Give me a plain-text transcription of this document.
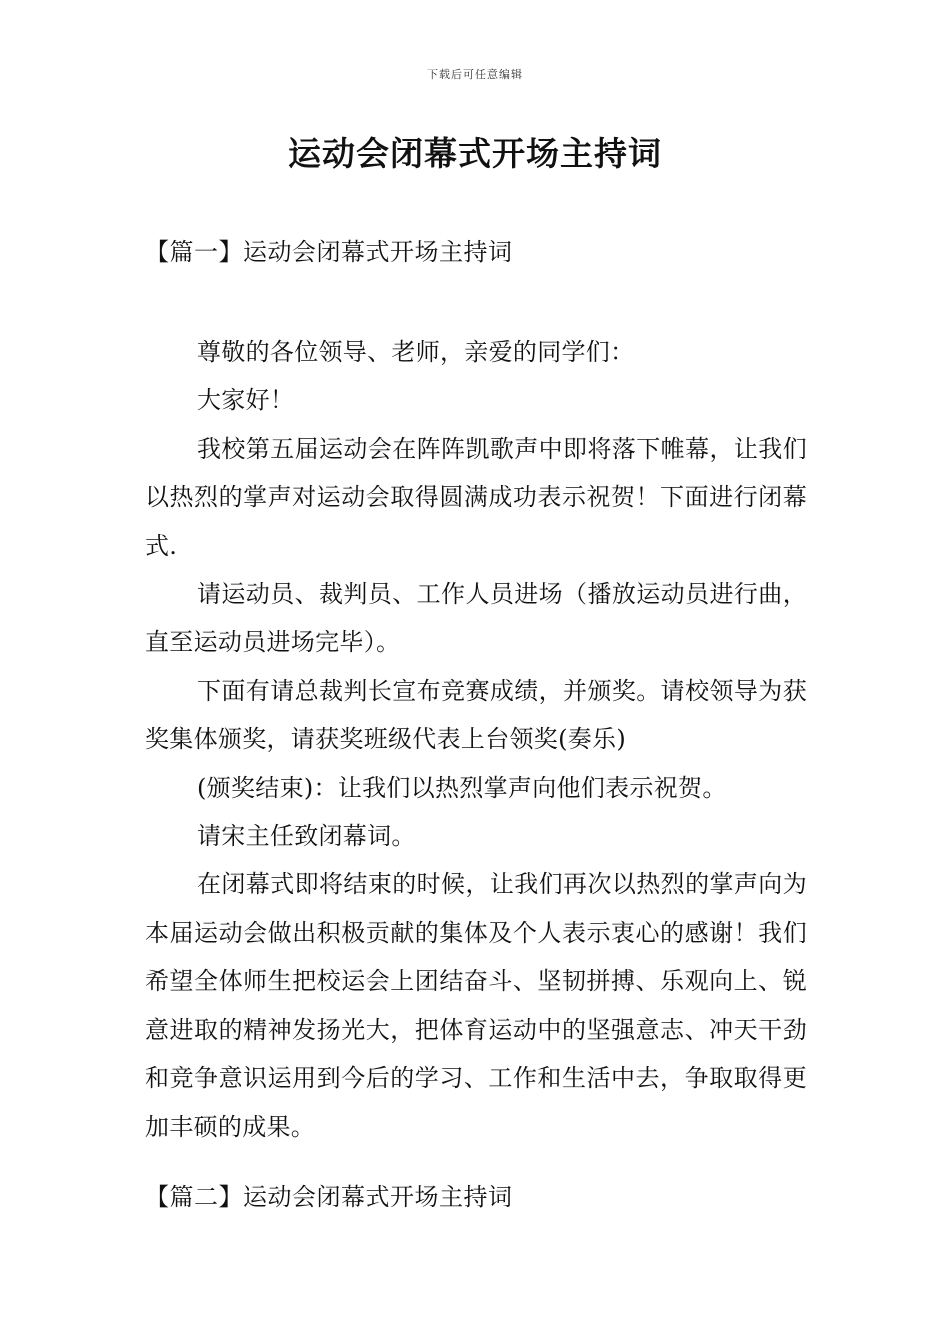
下载后可任意编辑
运动会闭幕式开场主持词
【篇一】运动会闭幕式开场主持词

尊敬的各位领导、老师，亲爱的同学们：

大家好！

我校第五届运动会在阵阵凯歌声中即将落下帷幕，让我们以热烈的掌声对运动会取得圆满成功表示祝贺！下面进行闭幕式.

请运动员、裁判员、工作人员进场（播放运动员进行曲，直至运动员进场完毕）。

下面有请总裁判长宣布竞赛成绩，并颁奖。请校领导为获奖集体颁奖，请获奖班级代表上台领奖(奏乐)

(颁奖结束)：让我们以热烈掌声向他们表示祝贺。

请宋主任致闭幕词。

在闭幕式即将结束的时候，让我们再次以热烈的掌声向为本届运动会做出积极贡献的集体及个人表示衷心的感谢！我们希望全体师生把校运会上团结奋斗、坚韧拼搏、乐观向上、锐意进取的精神发扬光大，把体育运动中的坚强意志、冲天干劲和竞争意识运用到今后的学习、工作和生活中去，争取取得更加丰硕的成果。

【篇二】运动会闭幕式开场主持词
